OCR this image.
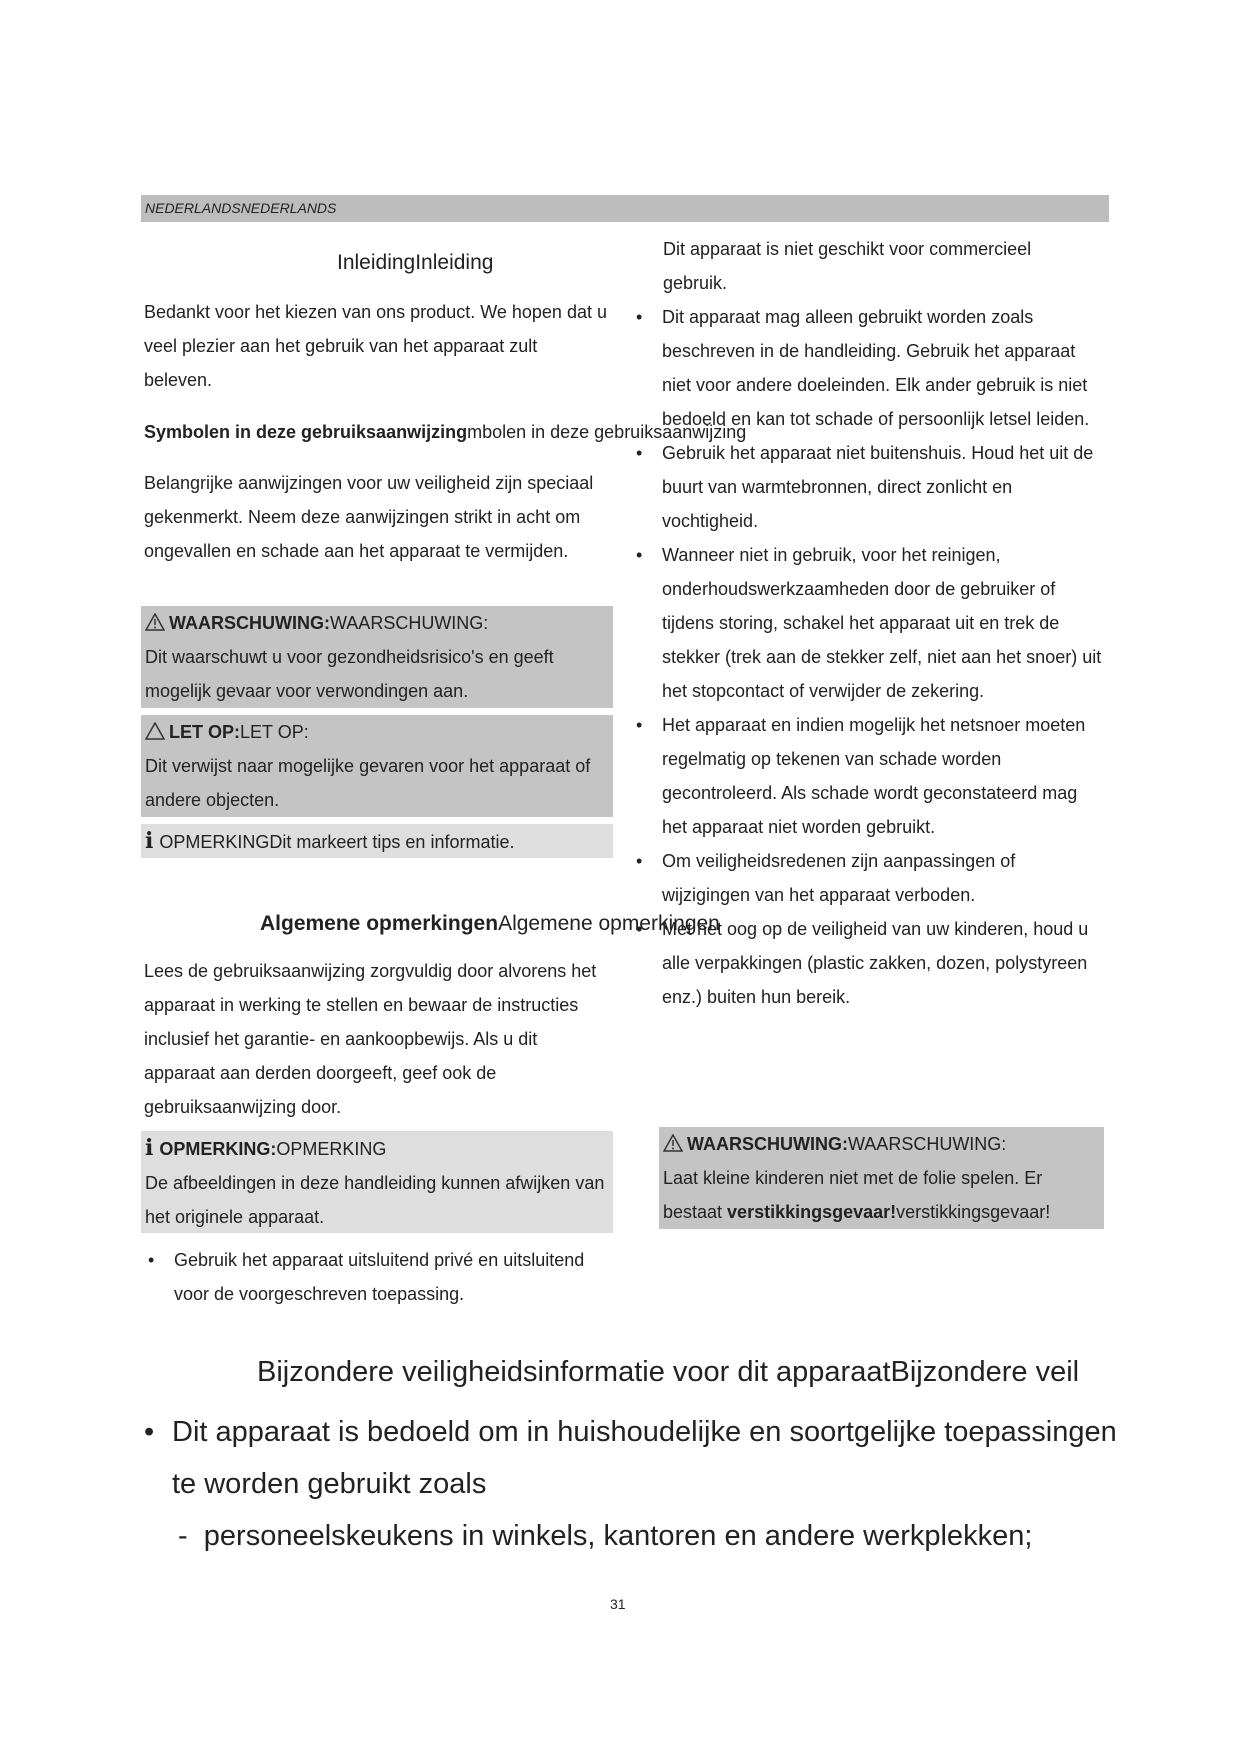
NEDERLANDSNEDERLANDS
InleidingInleiding

Bedankt voor het kiezen van ons product. We hopen dat u veel plezier aan het gebruik van het apparaat zult beleven.

Symbolen in deze gebruiksaanwijzingmbolen in deze gebruiksaanwijzing

Belangrijke aanwijzingen voor uw veiligheid zijn speciaal gekenmerkt. Neem deze aanwijzingen strikt in acht om ongevallen en schade aan het apparaat te vermijden.

WAARSCHUWING:WAARSCHUWING:

Dit waarschuwt u voor gezondheidsrisico's en geeft mogelijk gevaar voor verwondingen aan.

LET OP:LET OP:

Dit verwijst naar mogelijke gevaren voor het apparaat of andere objecten.

i OPMERKINGDit markeert tips en informatie.
Algemene opmerkingenAlgemene opmerkingen

Lees de gebruiksaanwijzing zorgvuldig door alvorens het apparaat in werking te stellen en bewaar de instructies inclusief het garantie- en aankoopbewijs. Als u dit apparaat aan derden doorgeeft, geef ook de gebruiksaanwijzing door.

i OPMERKING:OPMERKING

De afbeeldingen in deze handleiding kunnen afwijken van het originele apparaat.

• Gebruik het apparaat uitsluitend privé en uitsluitend voor de voorgeschreven toepassing.

Dit apparaat is niet geschikt voor commercieel gebruik.

• Dit apparaat mag alleen gebruikt worden zoals beschreven in de handleiding. Gebruik het apparaat niet voor andere doeleinden. Elk ander gebruik is niet bedoeld en kan tot schade of persoonlijk letsel leiden.
• Gebruik het apparaat niet buitenshuis. Houd het uit de buurt van warmtebronnen, direct zonlicht en vochtigheid.
• Wanneer niet in gebruik, voor het reinigen, onderhoudswerkzaamheden door de gebruiker of tijdens storing, schakel het apparaat uit en trek de stekker (trek aan de stekker zelf, niet aan het snoer) uit het stopcontact of verwijder de zekering.
• Het apparaat en indien mogelijk het netsnoer moeten regelmatig op tekenen van schade worden gecontroleerd. Als schade wordt geconstateerd mag het apparaat niet worden gebruikt.
• Om veiligheidsredenen zijn aanpassingen of wijzigingen van het apparaat verboden.
• Met het oog op de veiligheid van uw kinderen, houd u alle verpakkingen (plastic zakken, dozen, polystyreen enz.) buiten hun bereik.
WAARSCHUWING:WAARSCHUWING:

Laat kleine kinderen niet met de folie spelen. Er bestaat verstikkingsgevaar!verstikkingsgevaar!

Bijzondere veiligheidsinformatie voor dit apparaatBijzondere veil
• Dit apparaat is bedoeld om in huishoudelijke en soortgelijke toepassingen
te worden gebruikt zoals
-  personeelskeukens in winkels, kantoren en andere werkplekken;
31
